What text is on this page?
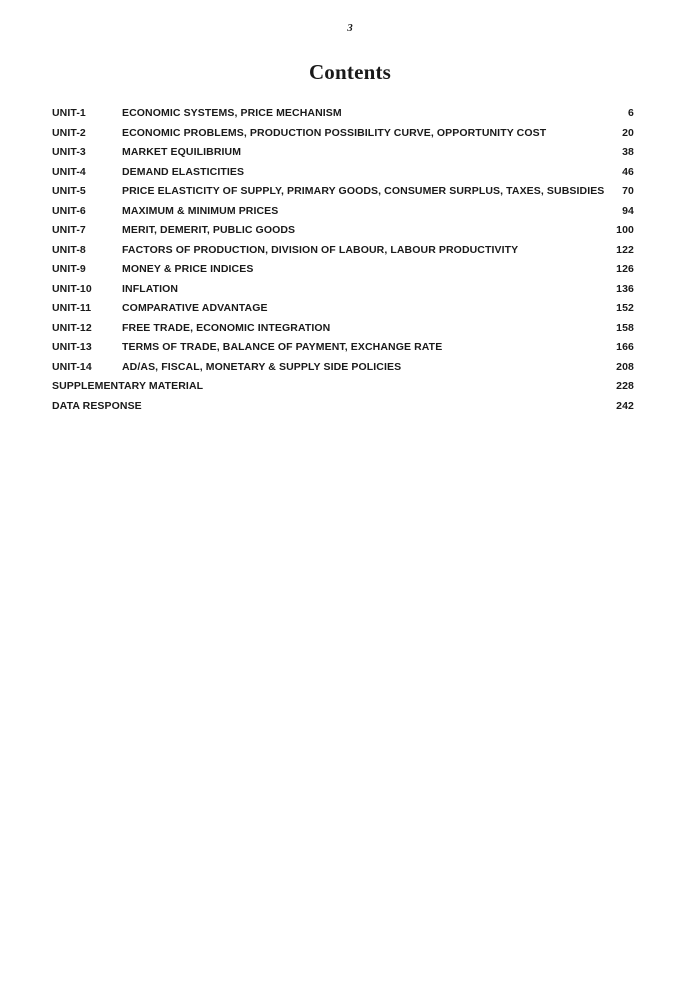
3
Contents
UNIT-1	ECONOMIC SYSTEMS, PRICE MECHANISM	6
UNIT-2	ECONOMIC PROBLEMS, PRODUCTION POSSIBILITY CURVE, OPPORTUNITY COST	20
UNIT-3	MARKET EQUILIBRIUM	38
UNIT-4	DEMAND ELASTICITIES	46
UNIT-5	PRICE ELASTICITY OF SUPPLY, PRIMARY GOODS, CONSUMER SURPLUS, TAXES, SUBSIDIES 70
UNIT-6	MAXIMUM & MINIMUM PRICES	94
UNIT-7	MERIT, DEMERIT, PUBLIC GOODS	100
UNIT-8	FACTORS OF PRODUCTION, DIVISION OF LABOUR, LABOUR PRODUCTIVITY	122
UNIT-9	MONEY & PRICE INDICES	126
UNIT-10	INFLATION	136
UNIT-11	COMPARATIVE ADVANTAGE	152
UNIT-12	FREE TRADE, ECONOMIC INTEGRATION	158
UNIT-13	TERMS OF TRADE, BALANCE OF PAYMENT, EXCHANGE RATE	166
UNIT-14	AD/AS, FISCAL, MONETARY & SUPPLY SIDE POLICIES	208
SUPPLEMENTARY MATERIAL	228
DATA RESPONSE	242
